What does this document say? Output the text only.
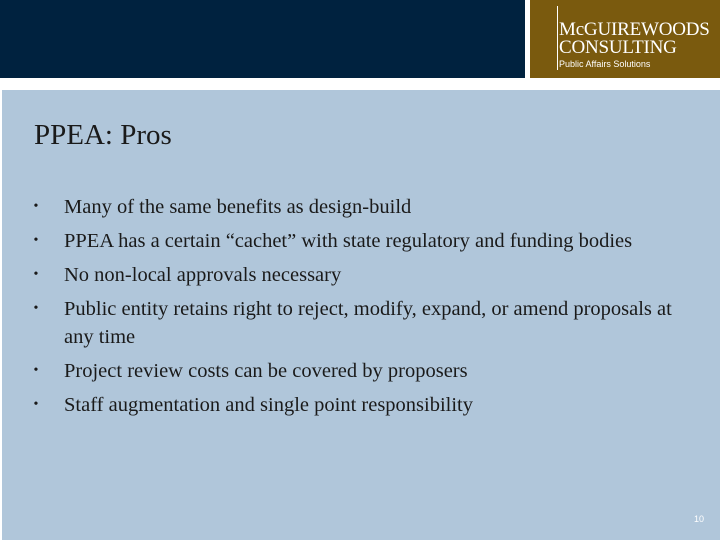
McGUIREWOODS
CONSULTING
Public Affairs Solutions
PPEA: Pros
• Many of the same benefits as design-build
• PPEA has a certain “cachet” with state regulatory and funding bodies
• No non-local approvals necessary
• Public entity retains right to reject, modify, expand, or amend proposals at any time
• Project review costs can be covered by proposers
• Staff augmentation and single point responsibility
10
